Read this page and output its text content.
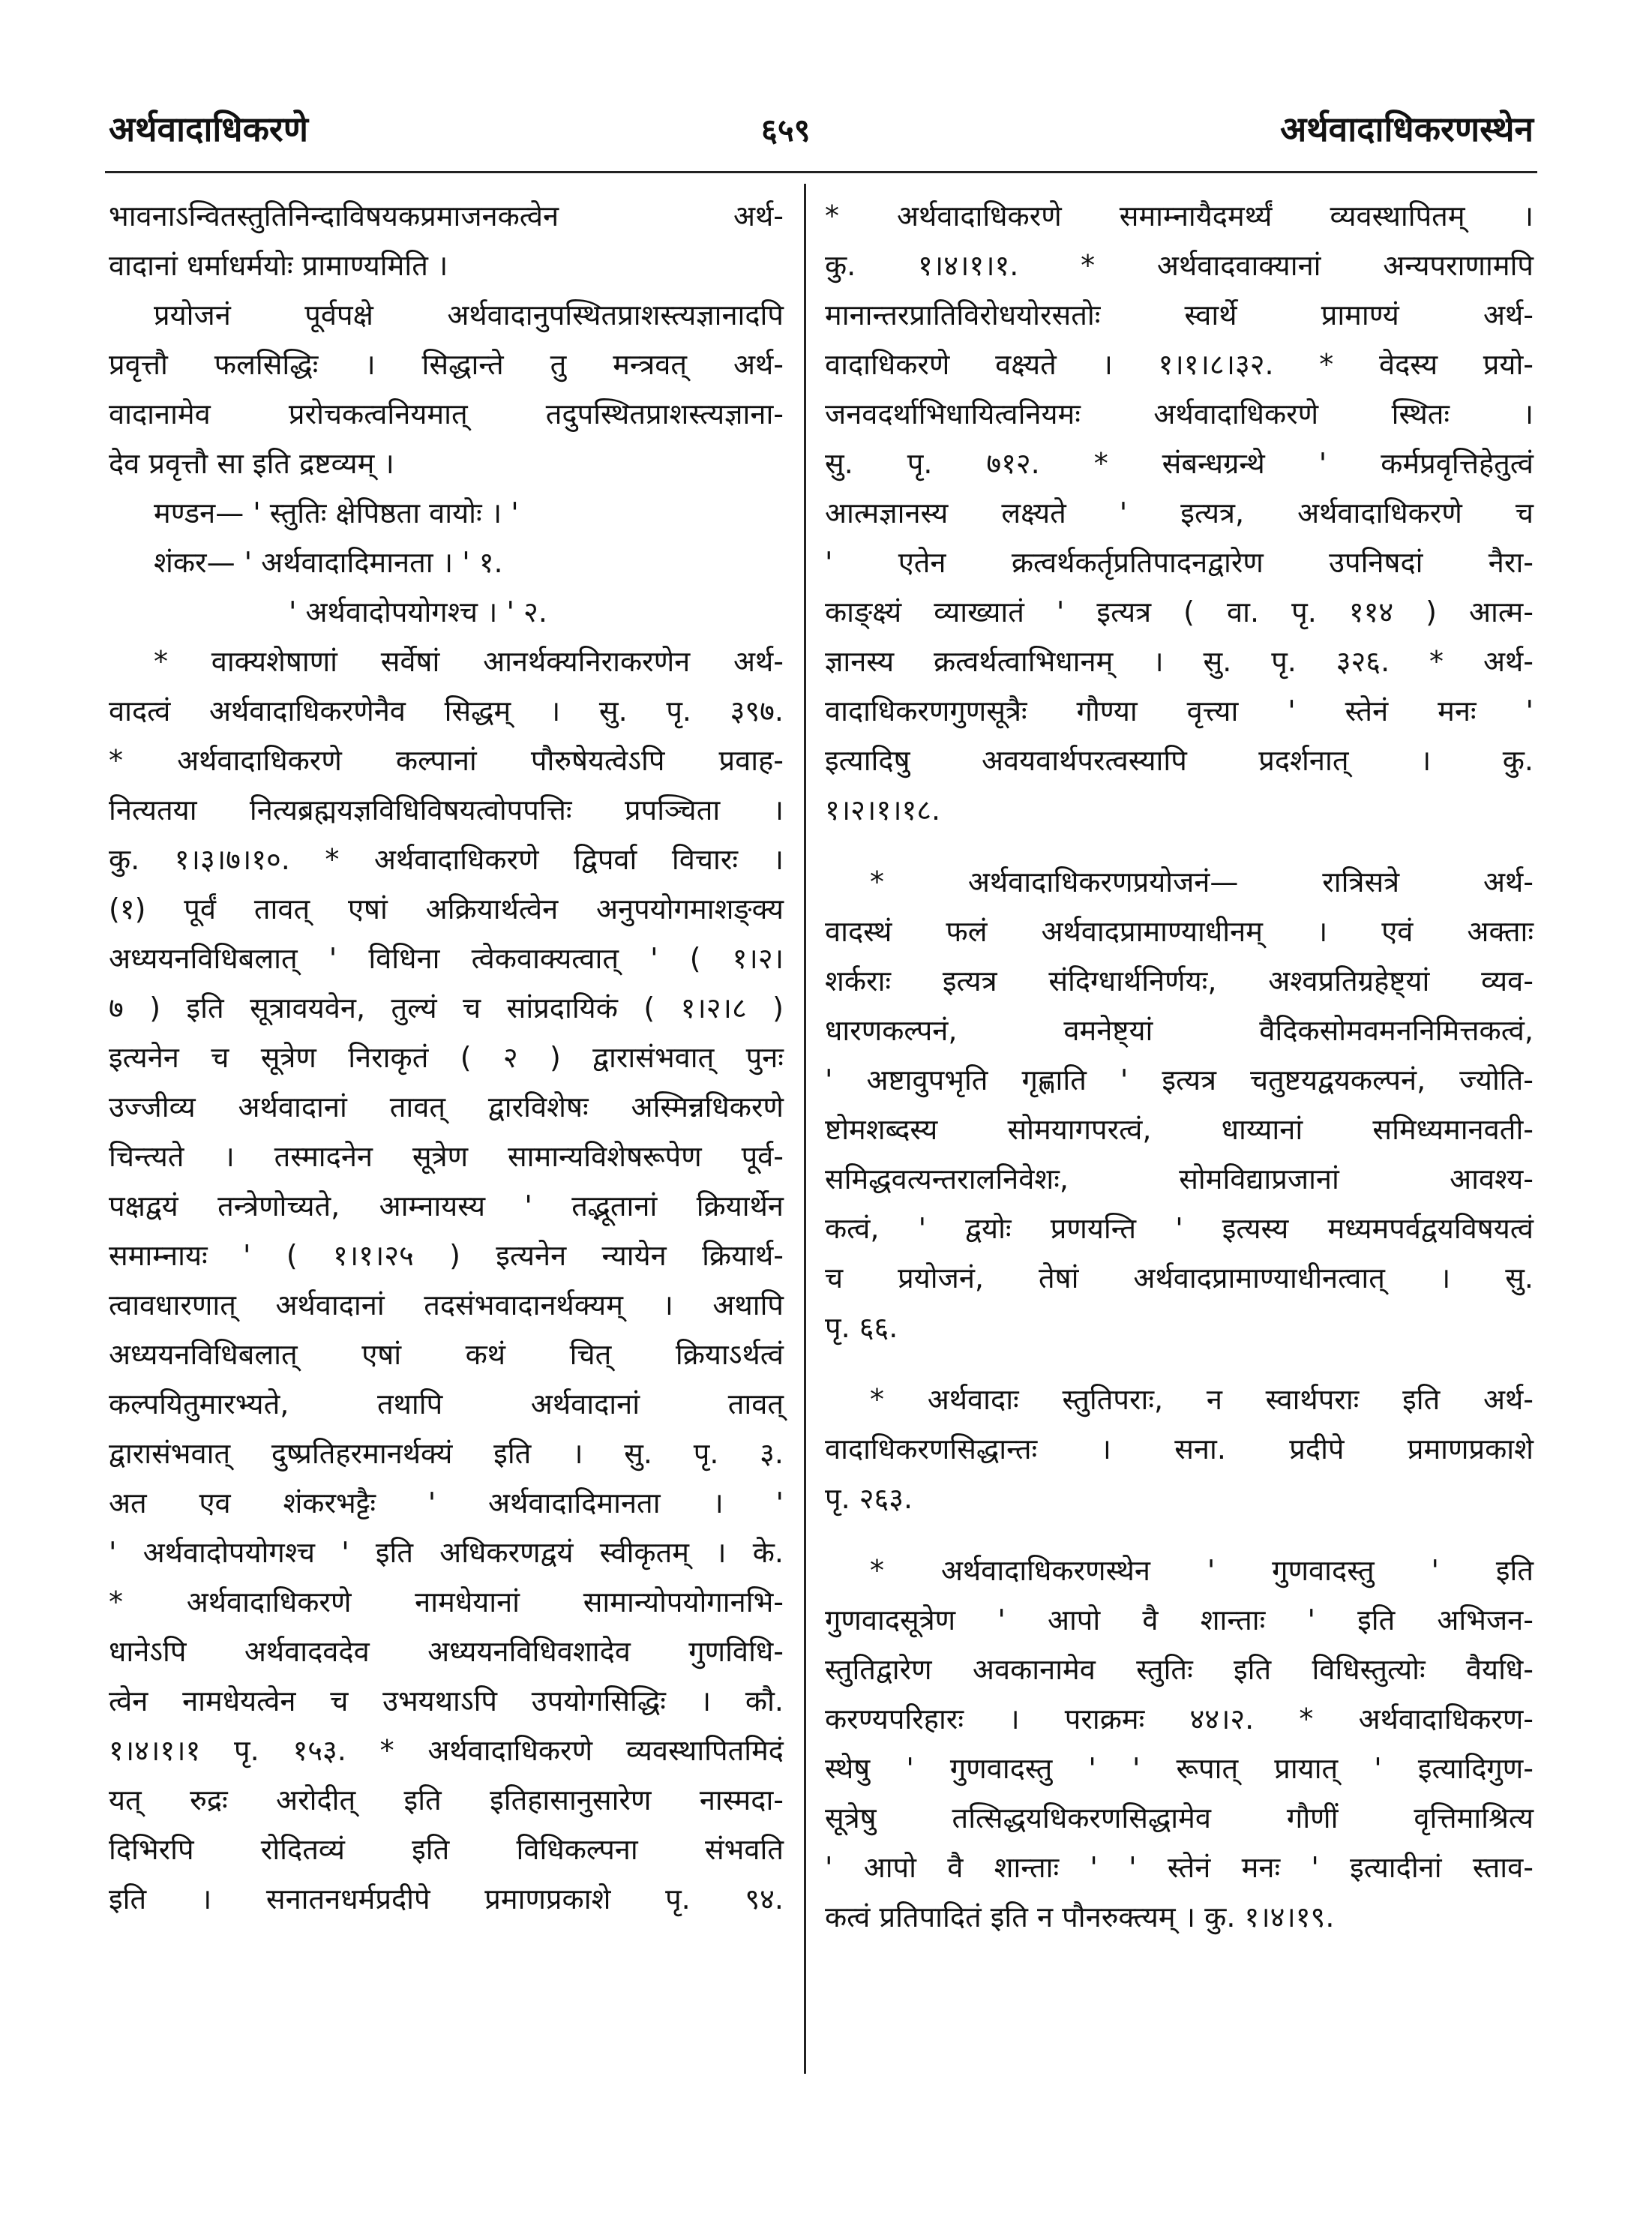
अर्थवादाधिकरणे	६५९	अर्थवादाधिकरणस्थेन
भावनाऽन्वितस्तुतिनिन्दाविषयकप्रमाजनकत्वेन अर्थ-
वादानां धर्माधर्मयोः प्रामाण्यमिति ।
प्रयोजनं पूर्वपक्षे अर्थवादानुपस्थितप्राशस्त्यज्ञानादपि
प्रवृत्तौ फलसिद्धिः । सिद्धान्ते तु मन्त्रवत् अर्थ-
वादानामेव प्ररोचकत्वनियमात् तदुपस्थितप्राशस्त्यज्ञाना-
देव प्रवृत्तौ सा इति द्रष्टव्यम् ।
मण्डन— ' स्तुतिः क्षेपिष्ठता वायोः । '
शंकर— ' अर्थवादादिमानता । ' १.
' अर्थवादोपयोगश्च । ' २.
* वाक्यशेषाणां सर्वेषां आनर्थक्यनिराकरणेन अर्थ-
वादत्वं अर्थवादाधिकरणेनैव सिद्धम् । सु. पृ. ३९७.
* अर्थवादाधिकरणे कल्पानां पौरुषेयत्वेऽपि प्रवाह-
नित्यतया नित्यब्रह्मयज्ञविधिविषयत्वोपपत्तिः प्रपञ्चिता ।
कु. १।३।७।१०. * अर्थवादाधिकरणे द्विपर्वा विचारः ।
(१) पूर्वं तावत् एषां अक्रियार्थत्वेन अनुपयोगमाशङ्क्य
अध्ययनविधिबलात् ' विधिना त्वेकवाक्यत्वात् ' ( १।२।
७ ) इति सूत्रावयवेन, तुल्यं च सांप्रदायिकं ( १।२।८ )
इत्यनेन च सूत्रेण निराकृतं ( २ ) द्वारासंभवात् पुनः
उज्जीव्य अर्थवादानां तावत् द्वारविशेषः अस्मिन्नधिकरणे
चिन्त्यते । तस्मादनेन सूत्रेण सामान्यविशेषरूपेण पूर्व-
पक्षद्वयं तन्त्रेणोच्यते, आम्नायस्य ' तद्भूतानां क्रियार्थेन
समाम्नायः ' ( १।१।२५ ) इत्यनेन न्यायेन क्रियार्थ-
त्वावधारणात् अर्थवादानां तदसंभवादानर्थक्यम् । अथापि
अध्ययनविधिबलात् एषां कथं चित् क्रियाऽर्थत्वं
कल्पयितुमारभ्यते, तथापि अर्थवादानां तावत्
द्वारासंभवात् दुष्प्रतिहरमानर्थक्यं इति । सु. पृ. ३.
अत एव शंकरभट्टैः ' अर्थवादादिमानता । '
' अर्थवादोपयोगश्च ' इति अधिकरणद्वयं स्वीकृतम् । के.
* अर्थवादाधिकरणे नामधेयानां सामान्योपयोगानभि-
धानेऽपि अर्थवादवदेव अध्ययनविधिवशादेव गुणविधि-
त्वेन नामधेयत्वेन च उभयथाऽपि उपयोगसिद्धिः । कौ.
१।४।१।१ पृ. १५३. * अर्थवादाधिकरणे व्यवस्थापितमिदं
यत् रुद्रः अरोदीत् इति इतिहासानुसारेण नास्मदा-
दिभिरपि रोदितव्यं इति विधिकल्पना संभवति
इति । सनातनधर्मप्रदीपे प्रमाणप्रकाशे पृ. ९४.
* अर्थवादाधिकरणे समाम्नायैदमर्थ्यं व्यवस्थापितम् ।
कु. १।४।१।१. * अर्थवादवाक्यानां अन्यपराणामपि
मानान्तरप्रातिविरोधयोरसतोः स्वार्थे प्रामाण्यं अर्थ-
वादाधिकरणे वक्ष्यते । १।१।८।३२. * वेदस्य प्रयो-
जनवदर्थाभिधायित्वनियमः अर्थवादाधिकरणे स्थितः ।
सु. पृ. ७१२. * संबन्धग्रन्थे ' कर्मप्रवृत्तिहेतुत्वं
आत्मज्ञानस्य लक्ष्यते ' इत्यत्र, अर्थवादाधिकरणे च
' एतेन क्रत्वर्थकर्तृप्रतिपादनद्वारेण उपनिषदां नैरा-
काङ्क्ष्यं व्याख्यातं ' इत्यत्र ( वा. पृ. ११४ ) आत्म-
ज्ञानस्य क्रत्वर्थत्वाभिधानम् । सु. पृ. ३२६. * अर्थ-
वादाधिकरणगुणसूत्रैः गौण्या वृत्त्या ' स्तेनं मनः '
इत्यादिषु अवयवार्थपरत्वस्यापि प्रदर्शनात् । कु.
१।२।१।१८.
* अर्थवादाधिकरणप्रयोजनं— रात्रिसत्रे अर्थ-
वादस्थं फलं अर्थवादप्रामाण्याधीनम् । एवं अक्ताः
शर्कराः इत्यत्र संदिग्धार्थनिर्णयः, अश्वप्रतिग्रहेष्ट्यां व्यव-
धारणकल्पनं, वमनेष्ट्यां वैदिकसोमवमननिमित्तकत्वं,
' अष्टावुपभृति गृह्णाति ' इत्यत्र चतुष्टयद्वयकल्पनं, ज्योति-
ष्टोमशब्दस्य सोमयागपरत्वं, धाय्यानां समिध्यमानवती-
समिद्धवत्यन्तरालनिवेशः, सोमविद्याप्रजानां आवश्य-
कत्वं, ' द्वयोः प्रणयन्ति ' इत्यस्य मध्यमपर्वद्वयविषयत्वं
च प्रयोजनं, तेषां अर्थवादप्रामाण्याधीनत्वात् । सु.
पृ. ६६.
* अर्थवादाः स्तुतिपराः, न स्वार्थपराः इति अर्थ-
वादाधिकरणसिद्धान्तः । सना. प्रदीपे प्रमाणप्रकाशे
पृ. २६३.
* अर्थवादाधिकरणस्थेन ' गुणवादस्तु ' इति
गुणवादसूत्रेण ' आपो वै शान्ताः ' इति अभिजन-
स्तुतिद्वारेण अवकानामेव स्तुतिः इति विधिस्तुत्योः वैयधि-
करण्यपरिहारः । पराक्रमः ४४।२. * अर्थवादाधिकरण-
स्थेषु ' गुणवादस्तु ' ' रूपात् प्रायात् ' इत्यादिगुण-
सूत्रेषु तत्सिद्धयधिकरणसिद्धामेव गौणीं वृत्तिमाश्रित्य
' आपो वै शान्ताः ' ' स्तेनं मनः ' इत्यादीनां स्ताव-
कत्वं प्रतिपादितं इति न पौनरुक्त्यम् । कु. १।४।१९.
